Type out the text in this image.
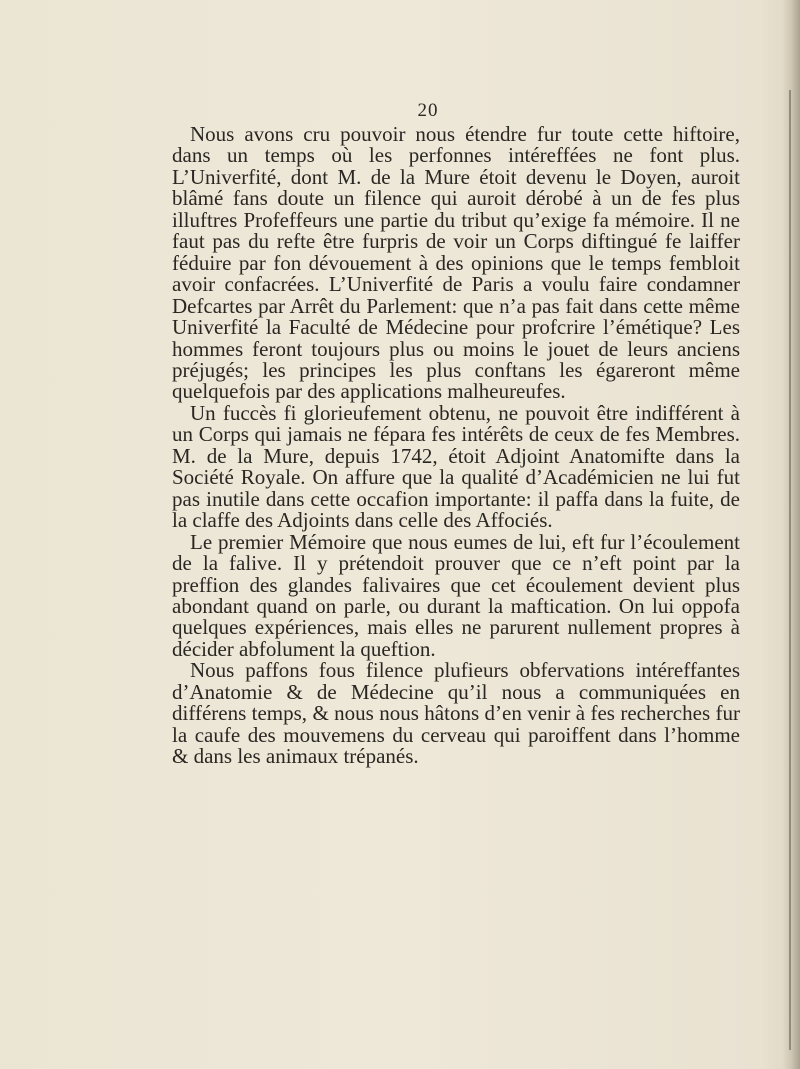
20

Nous avons cru pouvoir nous étendre fur toute cette hiftoire, dans un temps où les perfonnes intéreffées ne font plus. L’Univerfité, dont M. de la Mure étoit devenu le Doyen, auroit blâmé fans doute un filence qui auroit dérobé à un de fes plus illuftres Profeffeurs une partie du tribut qu’exige fa mémoire. Il ne faut pas du refte être furpris de voir un Corps diftingué fe laiffer féduire par fon dévouement à des opinions que le temps fembloit avoir confacrées. L’Univerfité de Paris a voulu faire condamner Defcartes par Arrêt du Parlement: que n’a pas fait dans cette même Univerfité la Faculté de Médecine pour profcrire l’émétique? Les hommes feront toujours plus ou moins le jouet de leurs anciens préjugés; les principes les plus conftans les égareront même quelquefois par des applications malheureufes.

Un fuccès fi glorieufement obtenu, ne pouvoit être indifférent à un Corps qui jamais ne fépara fes intérêts de ceux de fes Membres. M. de la Mure, depuis 1742, étoit Adjoint Anatomifte dans la Société Royale. On affure que la qualité d’Académicien ne lui fut pas inutile dans cette occafion importante: il paffa dans la fuite, de la claffe des Adjoints dans celle des Affociés.

Le premier Mémoire que nous eumes de lui, eft fur l’écoulement de la falive. Il y prétendoit prouver que ce n’eft point par la preffion des glandes falivaires que cet écoulement devient plus abondant quand on parle, ou durant la maftication. On lui oppofa quelques expériences, mais elles ne parurent nullement propres à décider abfolument la queftion.

Nous paffons fous filence plufieurs obfervations intéreffantes d’Anatomie & de Médecine qu’il nous a communiquées en différens temps, & nous nous hâtons d’en venir à fes recherches fur la caufe des mouvemens du cerveau qui paroiffent dans l’homme & dans les animaux trépanés.
